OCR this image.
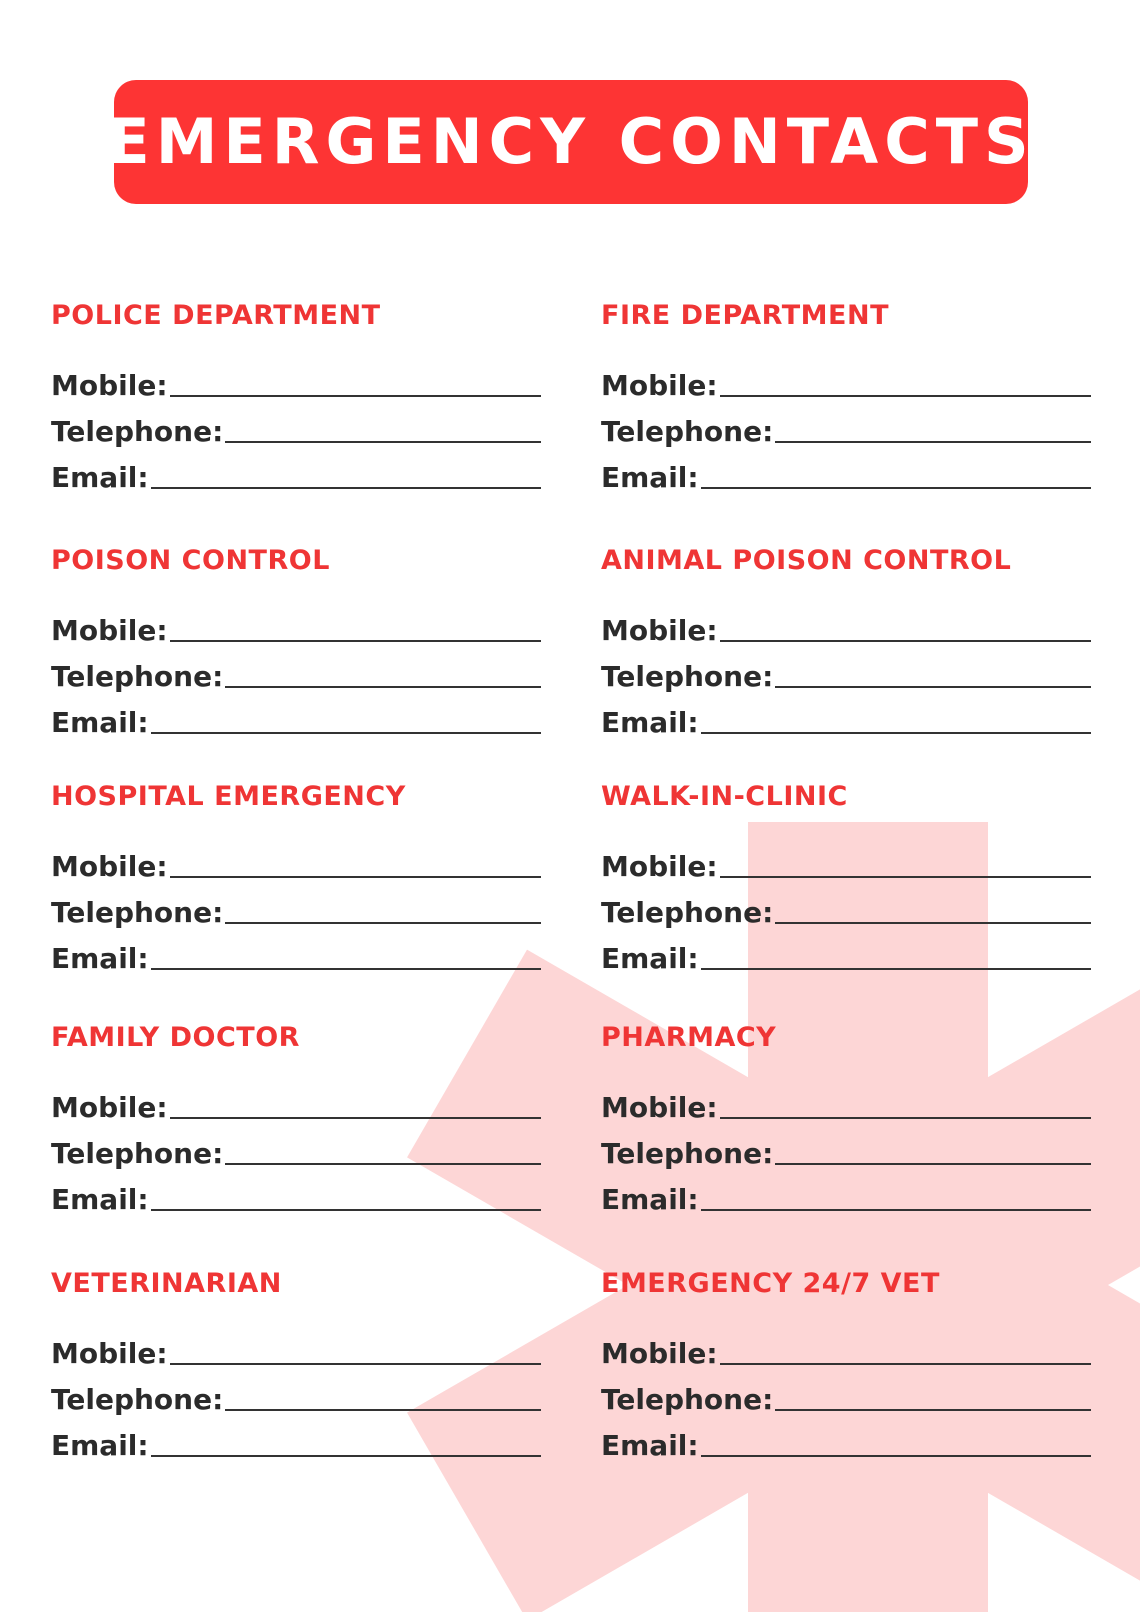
EMERGENCY CONTACTS
POLICE DEPARTMENT
Mobile:
Telephone:
Email:
FIRE DEPARTMENT
Mobile:
Telephone:
Email:
POISON CONTROL
Mobile:
Telephone:
Email:
ANIMAL POISON CONTROL
Mobile:
Telephone:
Email:
HOSPITAL EMERGENCY
Mobile:
Telephone:
Email:
WALK-IN-CLINIC
Mobile:
Telephone:
Email:
FAMILY DOCTOR
Mobile:
Telephone:
Email:
PHARMACY
Mobile:
Telephone:
Email:
VETERINARIAN
Mobile:
Telephone:
Email:
EMERGENCY 24/7 VET
Mobile:
Telephone:
Email:
